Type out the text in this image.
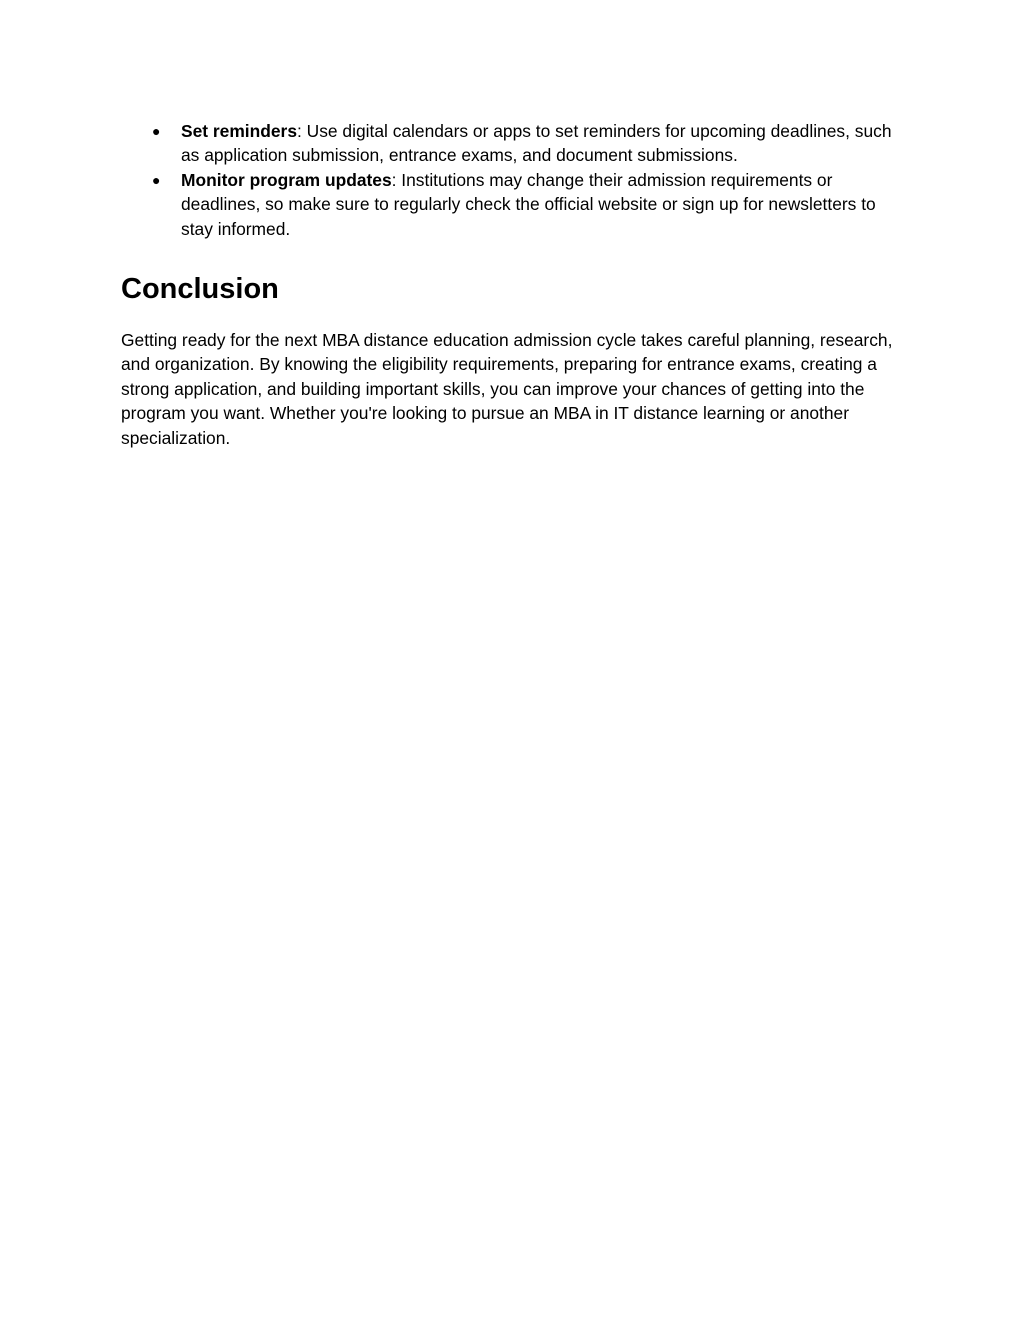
● Set reminders: Use digital calendars or apps to set reminders for upcoming deadlines, such as application submission, entrance exams, and document submissions.
● Monitor program updates: Institutions may change their admission requirements or deadlines, so make sure to regularly check the official website or sign up for newsletters to stay informed.
Conclusion

Getting ready for the next MBA distance education admission cycle takes careful planning, research, and organization. By knowing the eligibility requirements, preparing for entrance exams, creating a strong application, and building important skills, you can improve your chances of getting into the program you want. Whether you're looking to pursue an MBA in IT distance learning or another specialization.
